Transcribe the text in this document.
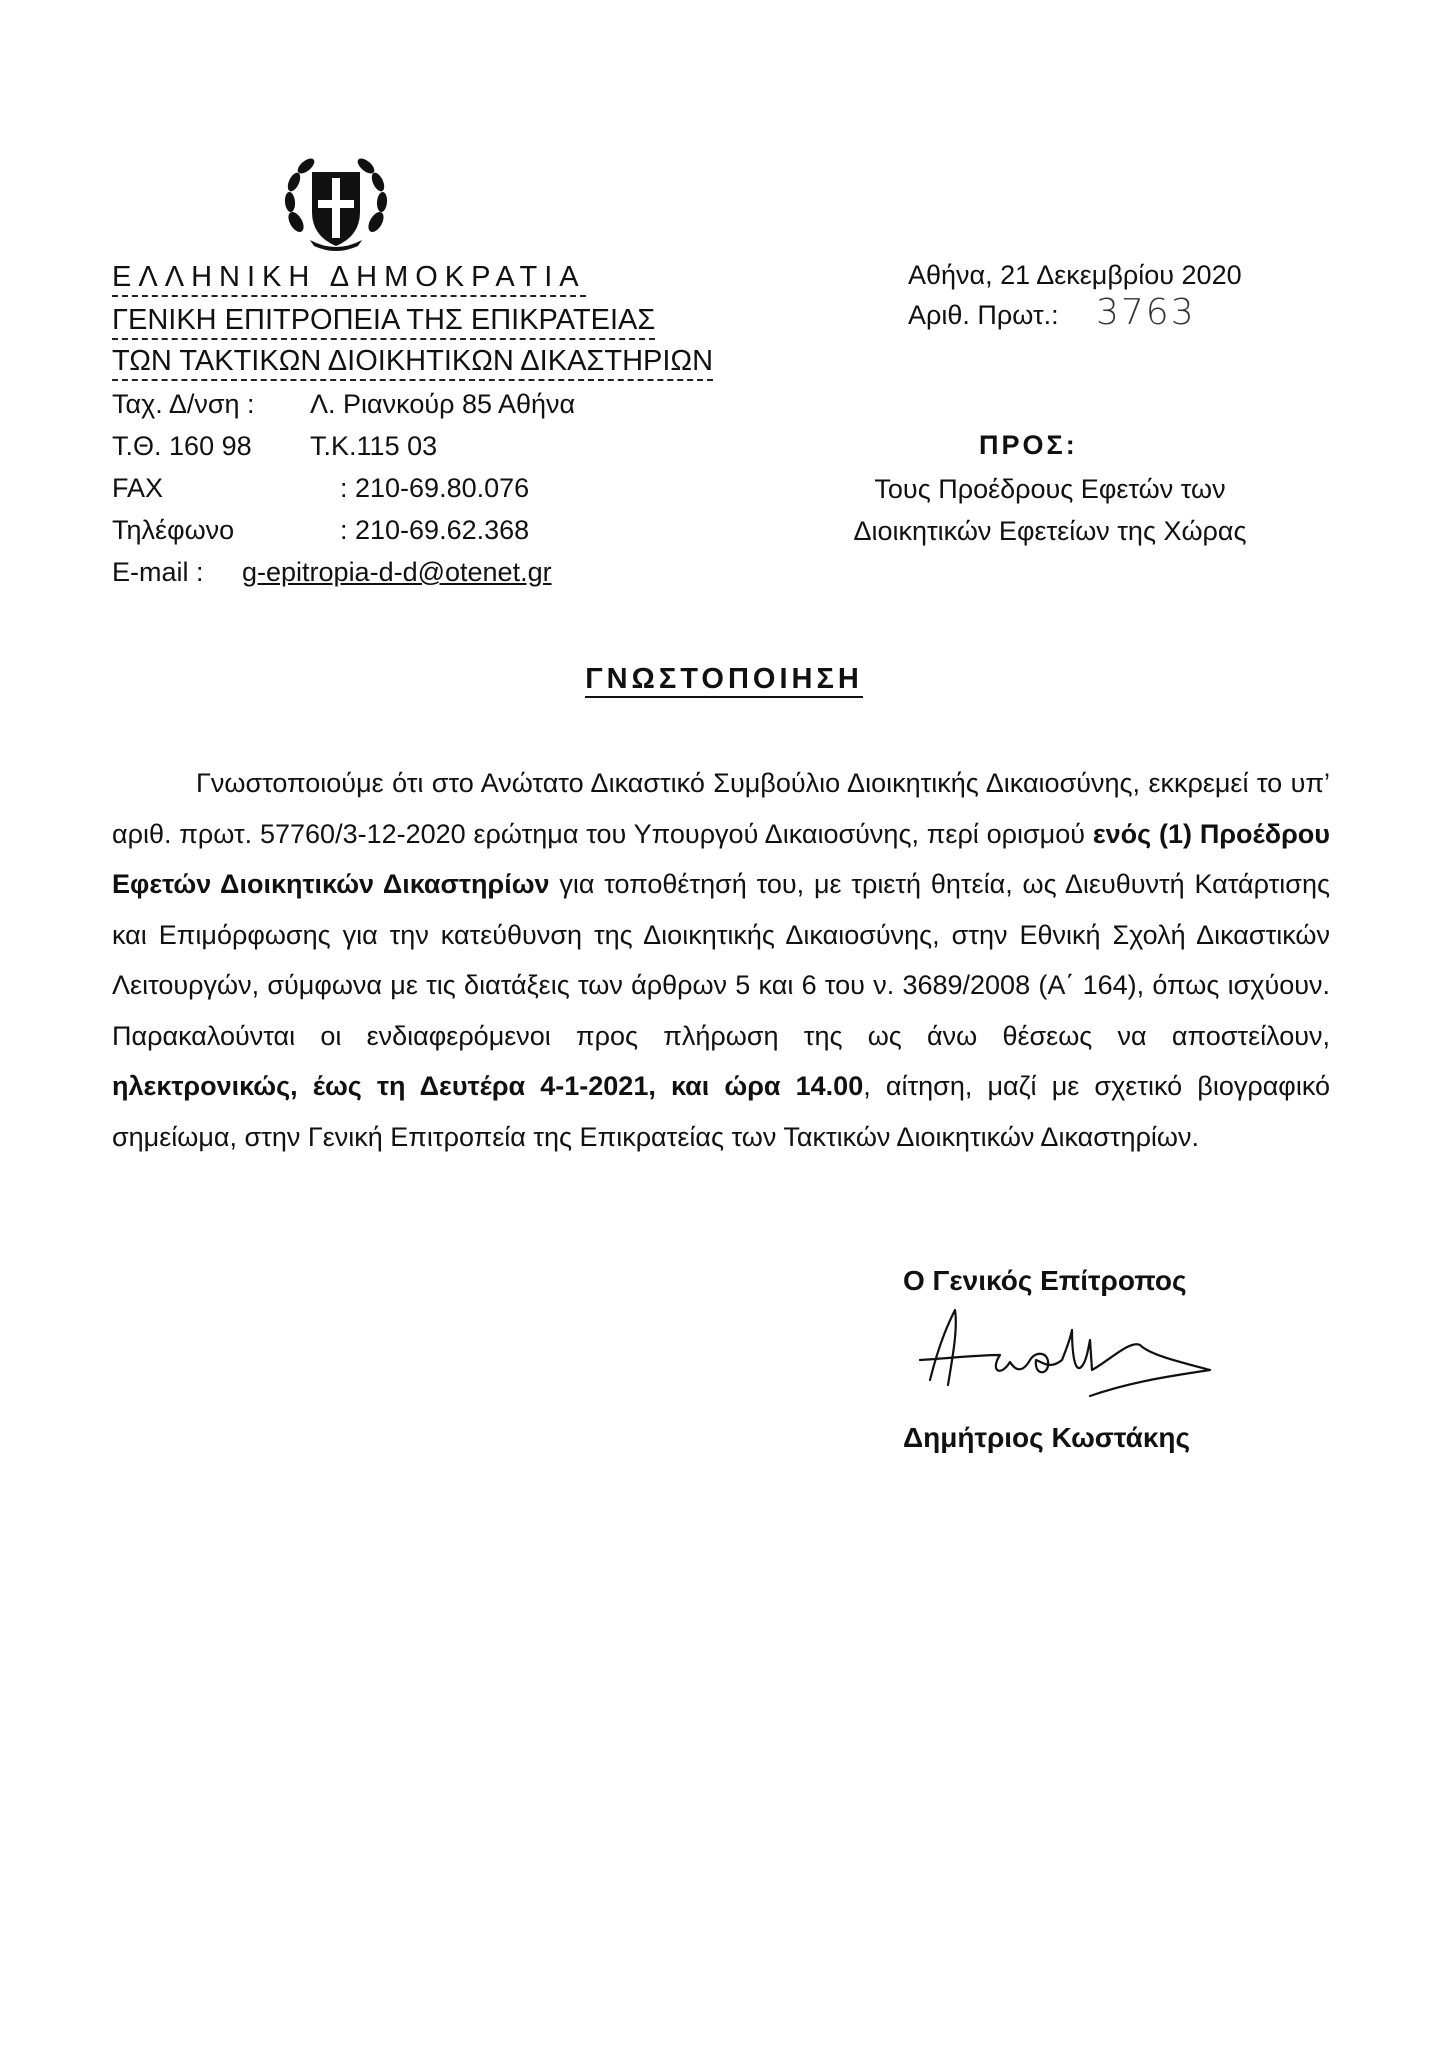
ΕΛΛΗΝΙΚΗ ΔΗΜΟΚΡΑΤΙΑ
ΓΕΝΙΚΗ ΕΠΙΤΡΟΠΕΙΑ ΤΗΣ ΕΠΙΚΡΑΤΕΙΑΣ
ΤΩΝ ΤΑΚΤΙΚΩΝ ΔΙΟΙΚΗΤΙΚΩΝ ΔΙΚΑΣΤΗΡΙΩΝ
Ταχ. Δ/νση : Λ. Ριανκούρ 85 Αθήνα
Τ.Θ. 160 98 Τ.Κ.115 03
FAX	: 210-69.80.076
Τηλέφωνο	: 210-69.62.368
E-mail : g-epitropia-d-d@otenet.gr
Αθήνα, 21 Δεκεμβρίου 2020
Αριθ. Πρωτ.: 3763
ΠΡΟΣ:
Τους Προέδρους Εφετών των Διοικητικών Εφετείων της Χώρας
ΓΝΩΣΤΟΠΟΙΗΣΗ

Γνωστοποιούμε ότι στο Ανώτατο Δικαστικό Συμβούλιο Διοικητικής Δικαιοσύνης, εκκρεμεί το υπ’ αριθ. πρωτ. 57760/3-12-2020 ερώτημα του Υπουργού Δικαιοσύνης, περί ορισμού ενός (1) Προέδρου Εφετών Διοικητικών Δικαστηρίων για τοποθέτησή του, με τριετή θητεία, ως Διευθυντή Κατάρτισης και Επιμόρφωσης για την κατεύθυνση της Διοικητικής Δικαιοσύνης, στην Εθνική Σχολή Δικαστικών Λειτουργών, σύμφωνα με τις διατάξεις των άρθρων 5 και 6 του ν. 3689/2008 (Α΄ 164), όπως ισχύουν. Παρακαλούνται οι ενδιαφερόμενοι προς πλήρωση της ως άνω θέσεως να αποστείλουν, ηλεκτρονικώς, έως τη Δευτέρα 4-1-2021, και ώρα 14.00, αίτηση, μαζί με σχετικό βιογραφικό σημείωμα, στην Γενική Επιτροπεία της Επικρατείας των Τακτικών Διοικητικών Δικαστηρίων.

Ο Γενικός Επίτροπος
Δημήτριος Κωστάκης
